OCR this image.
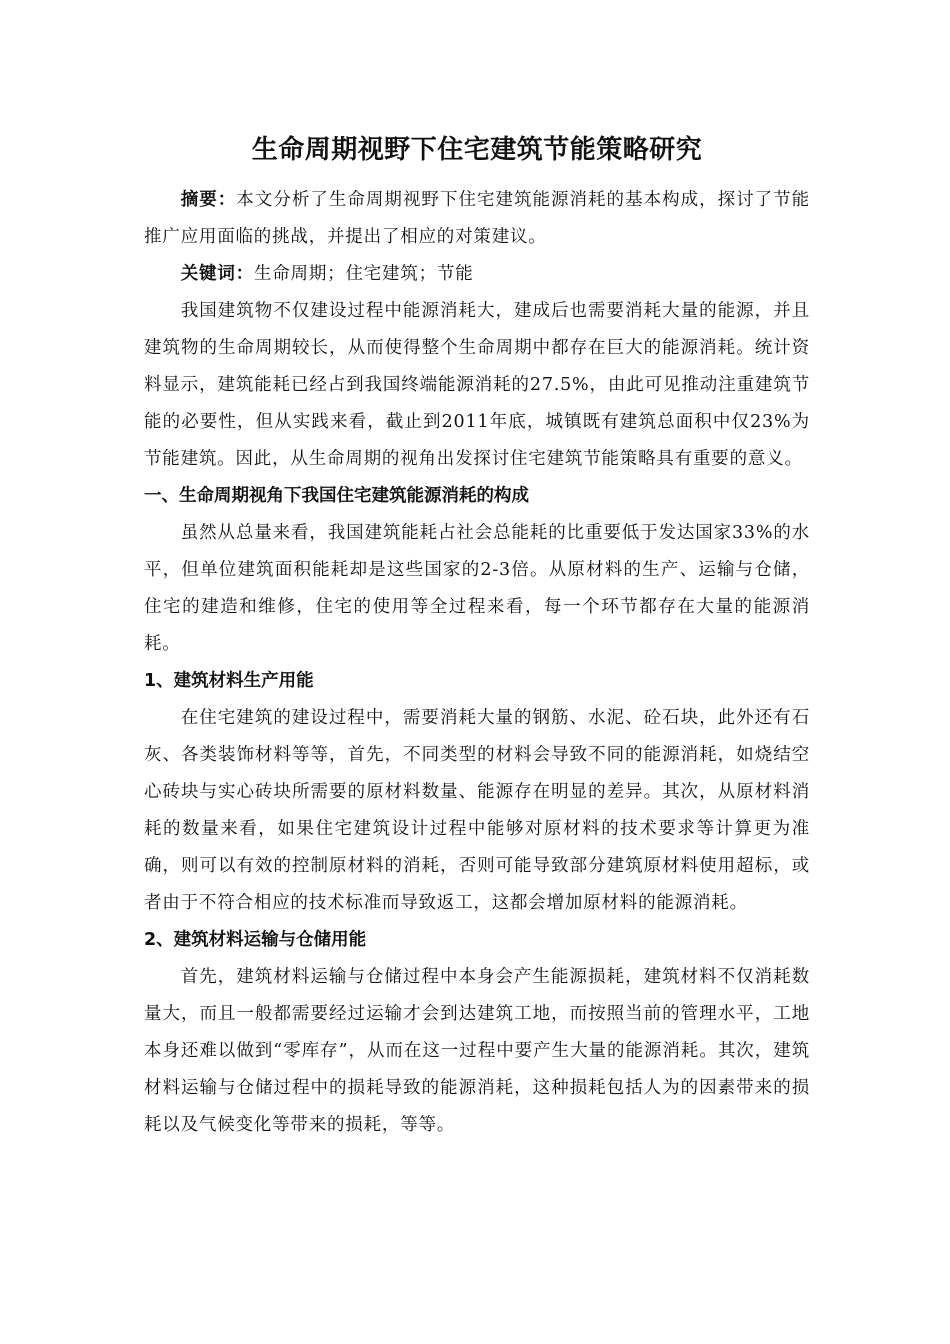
生命周期视野下住宅建筑节能策略研究

摘要：本文分析了生命周期视野下住宅建筑能源消耗的基本构成，探讨了节能推广应用面临的挑战，并提出了相应的对策建议。

关键词：生命周期；住宅建筑；节能

我国建筑物不仅建设过程中能源消耗大，建成后也需要消耗大量的能源，并且建筑物的生命周期较长，从而使得整个生命周期中都存在巨大的能源消耗。统计资料显示，建筑能耗已经占到我国终端能源消耗的27.5%，由此可见推动注重建筑节能的必要性，但从实践来看，截止到2011年底，城镇既有建筑总面积中仅23%为节能建筑。因此，从生命周期的视角出发探讨住宅建筑节能策略具有重要的意义。

一、生命周期视角下我国住宅建筑能源消耗的构成

虽然从总量来看，我国建筑能耗占社会总能耗的比重要低于发达国家33%的水平，但单位建筑面积能耗却是这些国家的2-3倍。从原材料的生产、运输与仓储，住宅的建造和维修，住宅的使用等全过程来看，每一个环节都存在大量的能源消耗。

1、建筑材料生产用能

在住宅建筑的建设过程中，需要消耗大量的钢筋、水泥、砼石块，此外还有石灰、各类装饰材料等等，首先，不同类型的材料会导致不同的能源消耗，如烧结空心砖块与实心砖块所需要的原材料数量、能源存在明显的差异。其次，从原材料消耗的数量来看，如果住宅建筑设计过程中能够对原材料的技术要求等计算更为准确，则可以有效的控制原材料的消耗，否则可能导致部分建筑原材料使用超标，或者由于不符合相应的技术标准而导致返工，这都会增加原材料的能源消耗。

2、建筑材料运输与仓储用能

首先，建筑材料运输与仓储过程中本身会产生能源损耗，建筑材料不仅消耗数量大，而且一般都需要经过运输才会到达建筑工地，而按照当前的管理水平，工地本身还难以做到“零库存”，从而在这一过程中要产生大量的能源消耗。其次，建筑材料运输与仓储过程中的损耗导致的能源消耗，这种损耗包括人为的因素带来的损耗以及气候变化等带来的损耗，等等。
